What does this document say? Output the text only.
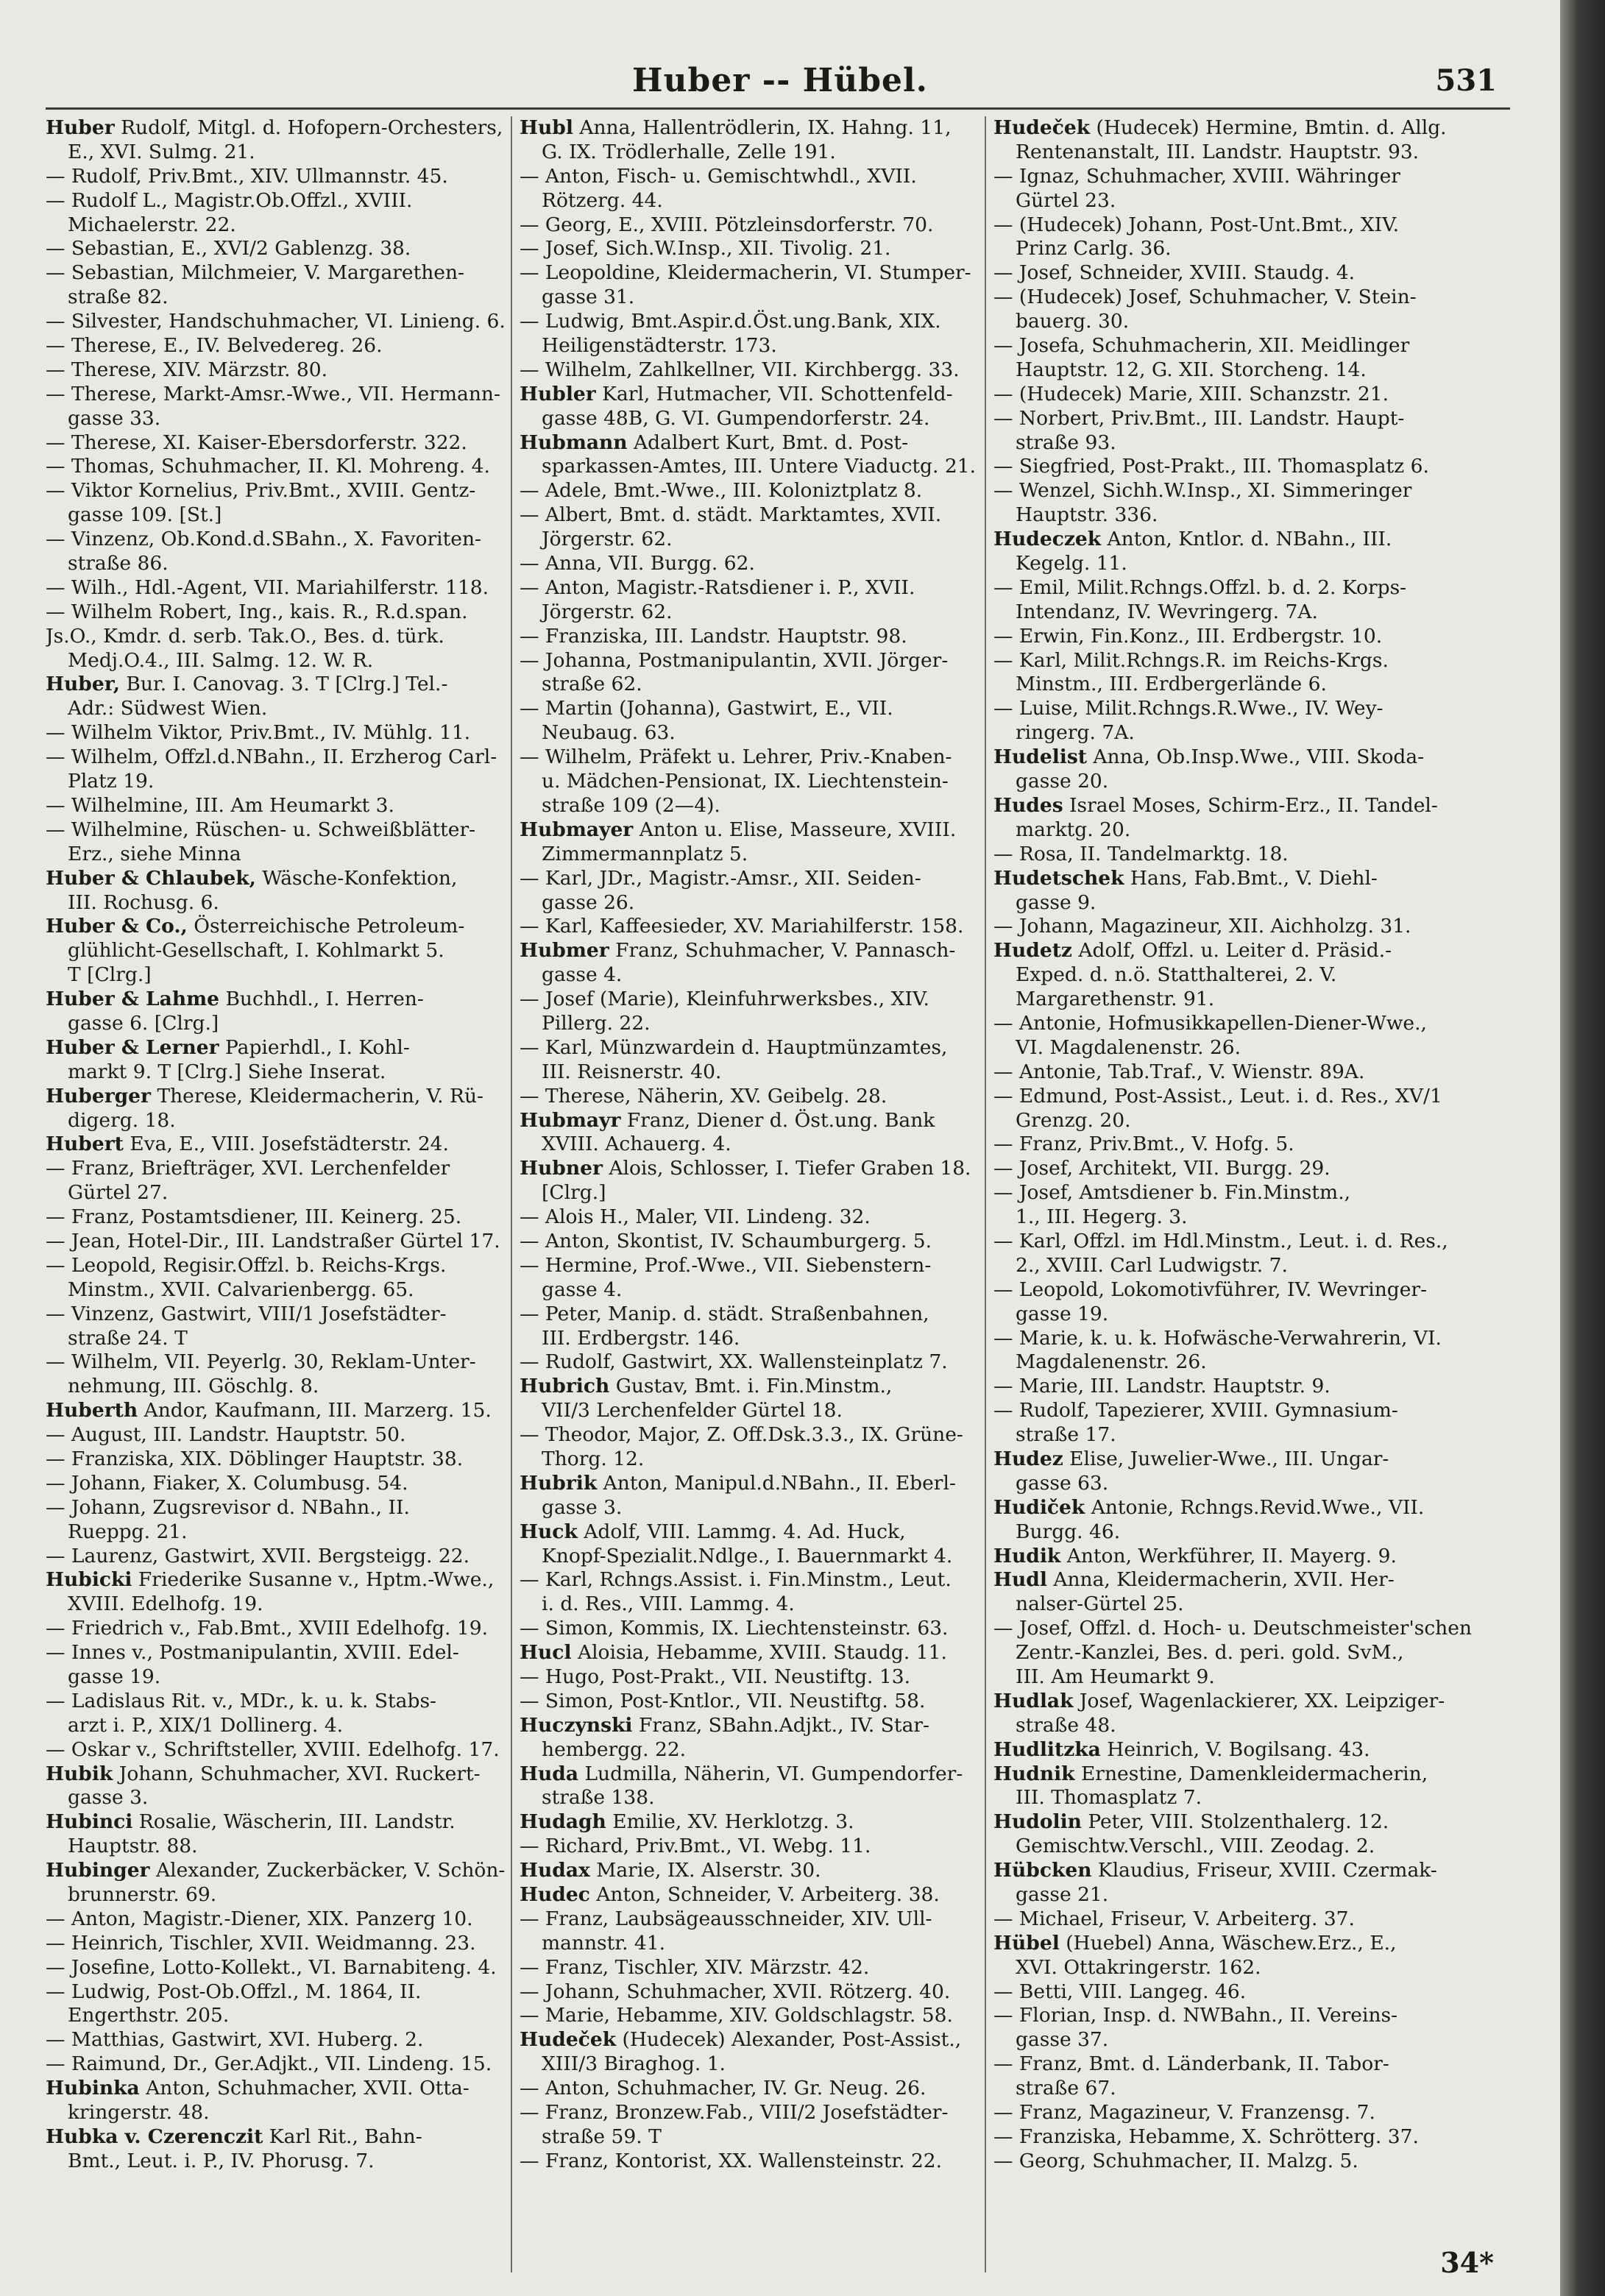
Huber -- Hübel.	531
Huber Rudolf, Mitgl. d. Hofopern-Orchesters,
E., XVI. Sulmg. 21.
— Rudolf, Priv.Bmt., XIV. Ullmannstr. 45.
— Rudolf L., Magistr.Ob.Offzl., XVIII.
Michaelerstr. 22.
— Sebastian, E., XVI/2 Gablenzg. 38.
— Sebastian, Milchmeier, V. Margarethen-
straße 82.
— Silvester, Handschuhmacher, VI. Linieng. 6.
— Therese, E., IV. Belvedereg. 26.
— Therese, XIV. Märzstr. 80.
— Therese, Markt-Amsr.-Wwe., VII. Hermann-
gasse 33.
— Therese, XI. Kaiser-Ebersdorferstr. 322.
— Thomas, Schuhmacher, II. Kl. Mohreng. 4.
— Viktor Kornelius, Priv.Bmt., XVIII. Gentz-
gasse 109. [St.]
— Vinzenz, Ob.Kond.d.SBahn., X. Favoriten-
straße 86.
— Wilh., Hdl.-Agent, VII. Mariahilferstr. 118.
— Wilhelm Robert, Ing., kais. R., R.d.span.
Js.O., Kmdr. d. serb. Tak.O., Bes. d. türk.
Medj.O.4., III. Salmg. 12. W. R.
Huber, Bur. I. Canovag. 3. T [Clrg.] Tel.-
Adr.: Südwest Wien.
— Wilhelm Viktor, Priv.Bmt., IV. Mühlg. 11.
— Wilhelm, Offzl.d.NBahn., II. Erzherog Carl-
Platz 19.
— Wilhelmine, III. Am Heumarkt 3.
— Wilhelmine, Rüschen- u. Schweißblätter-
Erz., siehe Minna
Huber & Chlaubek, Wäsche-Konfektion,
III. Rochusg. 6.
Huber & Co., Österreichische Petroleum-
glühlicht-Gesellschaft, I. Kohlmarkt 5.
T [Clrg.]
Huber & Lahme Buchhdl., I. Herren-
gasse 6. [Clrg.]
Huber & Lerner Papierhdl., I. Kohl-
markt 9. T [Clrg.] Siehe Inserat.
Huberger Therese, Kleidermacherin, V. Rü-
digerg. 18.
Hubert Eva, E., VIII. Josefstädterstr. 24.
— Franz, Briefträger, XVI. Lerchenfelder
Gürtel 27.
— Franz, Postamtsdiener, III. Keinerg. 25.
— Jean, Hotel-Dir., III. Landstraßer Gürtel 17.
— Leopold, Regisir.Offzl. b. Reichs-Krgs.
Minstm., XVII. Calvarienbergg. 65.
— Vinzenz, Gastwirt, VIII/1 Josefstädter-
straße 24. T
— Wilhelm, VII. Peyerlg. 30, Reklam-Unter-
nehmung, III. Göschlg. 8.
Huberth Andor, Kaufmann, III. Marzerg. 15.
— August, III. Landstr. Hauptstr. 50.
— Franziska, XIX. Döblinger Hauptstr. 38.
— Johann, Fiaker, X. Columbusg. 54.
— Johann, Zugsrevisor d. NBahn., II.
Rueppg. 21.
— Laurenz, Gastwirt, XVII. Bergsteigg. 22.
Hubicki Friederike Susanne v., Hptm.-Wwe.,
XVIII. Edelhofg. 19.
— Friedrich v., Fab.Bmt., XVIII Edelhofg. 19.
— Innes v., Postmanipulantin, XVIII. Edel-
gasse 19.
— Ladislaus Rit. v., MDr., k. u. k. Stabs-
arzt i. P., XIX/1 Dollinerg. 4.
— Oskar v., Schriftsteller, XVIII. Edelhofg. 17.
Hubik Johann, Schuhmacher, XVI. Ruckert-
gasse 3.
Hubinci Rosalie, Wäscherin, III. Landstr.
Hauptstr. 88.
Hubinger Alexander, Zuckerbäcker, V. Schön-
brunnerstr. 69.
— Anton, Magistr.-Diener, XIX. Panzerg 10.
— Heinrich, Tischler, XVII. Weidmanng. 23.
— Josefine, Lotto-Kollekt., VI. Barnabiteng. 4.
— Ludwig, Post-Ob.Offzl., M. 1864, II.
Engerthstr. 205.
— Matthias, Gastwirt, XVI. Huberg. 2.
— Raimund, Dr., Ger.Adjkt., VII. Lindeng. 15.
Hubinka Anton, Schuhmacher, XVII. Otta-
kringerstr. 48.
Hubka v. Czerenczit Karl Rit., Bahn-
Bmt., Leut. i. P., IV. Phorusg. 7.
Hubl Anna, Hallentrödlerin, IX. Hahng. 11,
G. IX. Trödlerhalle, Zelle 191.
— Anton, Fisch- u. Gemischtwhdl., XVII.
Rötzerg. 44.
— Georg, E., XVIII. Pötzleinsdorferstr. 70.
— Josef, Sich.W.Insp., XII. Tivolig. 21.
— Leopoldine, Kleidermacherin, VI. Stumper-
gasse 31.
— Ludwig, Bmt.Aspir.d.Öst.ung.Bank, XIX.
Heiligenstädterstr. 173.
— Wilhelm, Zahlkellner, VII. Kirchbergg. 33.
Hubler Karl, Hutmacher, VII. Schottenfeld-
gasse 48B, G. VI. Gumpendorferstr. 24.
Hubmann Adalbert Kurt, Bmt. d. Post-
sparkassen-Amtes, III. Untere Viaductg. 21.
— Adele, Bmt.-Wwe., III. Koloniztplatz 8.
— Albert, Bmt. d. städt. Marktamtes, XVII.
Jörgerstr. 62.
— Anna, VII. Burgg. 62.
— Anton, Magistr.-Ratsdiener i. P., XVII.
Jörgerstr. 62.
— Franziska, III. Landstr. Hauptstr. 98.
— Johanna, Postmanipulantin, XVII. Jörger-
straße 62.
— Martin (Johanna), Gastwirt, E., VII.
Neubaug. 63.
— Wilhelm, Präfekt u. Lehrer, Priv.-Knaben-
u. Mädchen-Pensionat, IX. Liechtenstein-
straße 109 (2—4).
Hubmayer Anton u. Elise, Masseure, XVIII.
Zimmermannplatz 5.
— Karl, JDr., Magistr.-Amsr., XII. Seiden-
gasse 26.
— Karl, Kaffeesieder, XV. Mariahilferstr. 158.
Hubmer Franz, Schuhmacher, V. Pannasch-
gasse 4.
— Josef (Marie), Kleinfuhrwerksbes., XIV.
Pillerg. 22.
— Karl, Münzwardein d. Hauptmünzamtes,
III. Reisnerstr. 40.
— Therese, Näherin, XV. Geibelg. 28.
Hubmayr Franz, Diener d. Öst.ung. Bank
XVIII. Achauerg. 4.
Hubner Alois, Schlosser, I. Tiefer Graben 18.
[Clrg.]
— Alois H., Maler, VII. Lindeng. 32.
— Anton, Skontist, IV. Schaumburgerg. 5.
— Hermine, Prof.-Wwe., VII. Siebenstern-
gasse 4.
— Peter, Manip. d. städt. Straßenbahnen,
III. Erdbergstr. 146.
— Rudolf, Gastwirt, XX. Wallensteinplatz 7.
Hubrich Gustav, Bmt. i. Fin.Minstm.,
VII/3 Lerchenfelder Gürtel 18.
— Theodor, Major, Z. Off.Dsk.3.3., IX. Grüne-
Thorg. 12.
Hubrik Anton, Manipul.d.NBahn., II. Eberl-
gasse 3.
Huck Adolf, VIII. Lammg. 4. Ad. Huck,
Knopf-Spezialit.Ndlge., I. Bauernmarkt 4.
— Karl, Rchngs.Assist. i. Fin.Minstm., Leut.
i. d. Res., VIII. Lammg. 4.
— Simon, Kommis, IX. Liechtensteinstr. 63.
Hucl Aloisia, Hebamme, XVIII. Staudg. 11.
— Hugo, Post-Prakt., VII. Neustiftg. 13.
— Simon, Post-Kntlor., VII. Neustiftg. 58.
Huczynski Franz, SBahn.Adjkt., IV. Star-
hembergg. 22.
Huda Ludmilla, Näherin, VI. Gumpendorfer-
straße 138.
Hudagh Emilie, XV. Herklotzg. 3.
— Richard, Priv.Bmt., VI. Webg. 11.
Hudax Marie, IX. Alserstr. 30.
Hudec Anton, Schneider, V. Arbeiterg. 38.
— Franz, Laubsägeausschneider, XIV. Ull-
mannstr. 41.
— Franz, Tischler, XIV. Märzstr. 42.
— Johann, Schuhmacher, XVII. Rötzerg. 40.
— Marie, Hebamme, XIV. Goldschlagstr. 58.
Hudeček (Hudecek) Alexander, Post-Assist.,
XIII/3 Biraghog. 1.
— Anton, Schuhmacher, IV. Gr. Neug. 26.
— Franz, Bronzew.Fab., VIII/2 Josefstädter-
straße 59. T
— Franz, Kontorist, XX. Wallensteinstr. 22.
Hudeček (Hudecek) Hermine, Bmtin. d. Allg.
Rentenanstalt, III. Landstr. Hauptstr. 93.
— Ignaz, Schuhmacher, XVIII. Währinger
Gürtel 23.
— (Hudecek) Johann, Post-Unt.Bmt., XIV.
Prinz Carlg. 36.
— Josef, Schneider, XVIII. Staudg. 4.
— (Hudecek) Josef, Schuhmacher, V. Stein-
bauerg. 30.
— Josefa, Schuhmacherin, XII. Meidlinger
Hauptstr. 12, G. XII. Storcheng. 14.
— (Hudecek) Marie, XIII. Schanzstr. 21.
— Norbert, Priv.Bmt., III. Landstr. Haupt-
straße 93.
— Siegfried, Post-Prakt., III. Thomasplatz 6.
— Wenzel, Sichh.W.Insp., XI. Simmeringer
Hauptstr. 336.
Hudeczek Anton, Kntlor. d. NBahn., III.
Kegelg. 11.
— Emil, Milit.Rchngs.Offzl. b. d. 2. Korps-
Intendanz, IV. Wevringerg. 7A.
— Erwin, Fin.Konz., III. Erdbergstr. 10.
— Karl, Milit.Rchngs.R. im Reichs-Krgs.
Minstm., III. Erdbergerlände 6.
— Luise, Milit.Rchngs.R.Wwe., IV. Wey-
ringerg. 7A.
Hudelist Anna, Ob.Insp.Wwe., VIII. Skoda-
gasse 20.
Hudes Israel Moses, Schirm-Erz., II. Tandel-
marktg. 20.
— Rosa, II. Tandelmarktg. 18.
Hudetschek Hans, Fab.Bmt., V. Diehl-
gasse 9.
— Johann, Magazineur, XII. Aichholzg. 31.
Hudetz Adolf, Offzl. u. Leiter d. Präsid.-
Exped. d. n.ö. Statthalterei, 2. V.
Margarethenstr. 91.
— Antonie, Hofmusikkapellen-Diener-Wwe.,
VI. Magdalenenstr. 26.
— Antonie, Tab.Traf., V. Wienstr. 89A.
— Edmund, Post-Assist., Leut. i. d. Res., XV/1
Grenzg. 20.
— Franz, Priv.Bmt., V. Hofg. 5.
— Josef, Architekt, VII. Burgg. 29.
— Josef, Amtsdiener b. Fin.Minstm.,
1., III. Hegerg. 3.
— Karl, Offzl. im Hdl.Minstm., Leut. i. d. Res.,
2., XVIII. Carl Ludwigstr. 7.
— Leopold, Lokomotivführer, IV. Wevringer-
gasse 19.
— Marie, k. u. k. Hofwäsche-Verwahrerin, VI.
Magdalenenstr. 26.
— Marie, III. Landstr. Hauptstr. 9.
— Rudolf, Tapezierer, XVIII. Gymnasium-
straße 17.
Hudez Elise, Juwelier-Wwe., III. Ungar-
gasse 63.
Hudiček Antonie, Rchngs.Revid.Wwe., VII.
Burgg. 46.
Hudik Anton, Werkführer, II. Mayerg. 9.
Hudl Anna, Kleidermacherin, XVII. Her-
nalser-Gürtel 25.
— Josef, Offzl. d. Hoch- u. Deutschmeister'schen
Zentr.-Kanzlei, Bes. d. peri. gold. SvM.,
III. Am Heumarkt 9.
Hudlak Josef, Wagenlackierer, XX. Leipziger-
straße 48.
Hudlitzka Heinrich, V. Bogilsang. 43.
Hudnik Ernestine, Damenkleidermacherin,
III. Thomasplatz 7.
Hudolin Peter, VIII. Stolzenthalerg. 12.
Gemischtw.Verschl., VIII. Zeodag. 2.
Hübcken Klaudius, Friseur, XVIII. Czermak-
gasse 21.
— Michael, Friseur, V. Arbeiterg. 37.
Hübel (Huebel) Anna, Wäschew.Erz., E.,
XVI. Ottakringerstr. 162.
— Betti, VIII. Langeg. 46.
— Florian, Insp. d. NWBahn., II. Vereins-
gasse 37.
— Franz, Bmt. d. Länderbank, II. Tabor-
straße 67.
— Franz, Magazineur, V. Franzensg. 7.
— Franziska, Hebamme, X. Schrötterg. 37.
— Georg, Schuhmacher, II. Malzg. 5.
34*
